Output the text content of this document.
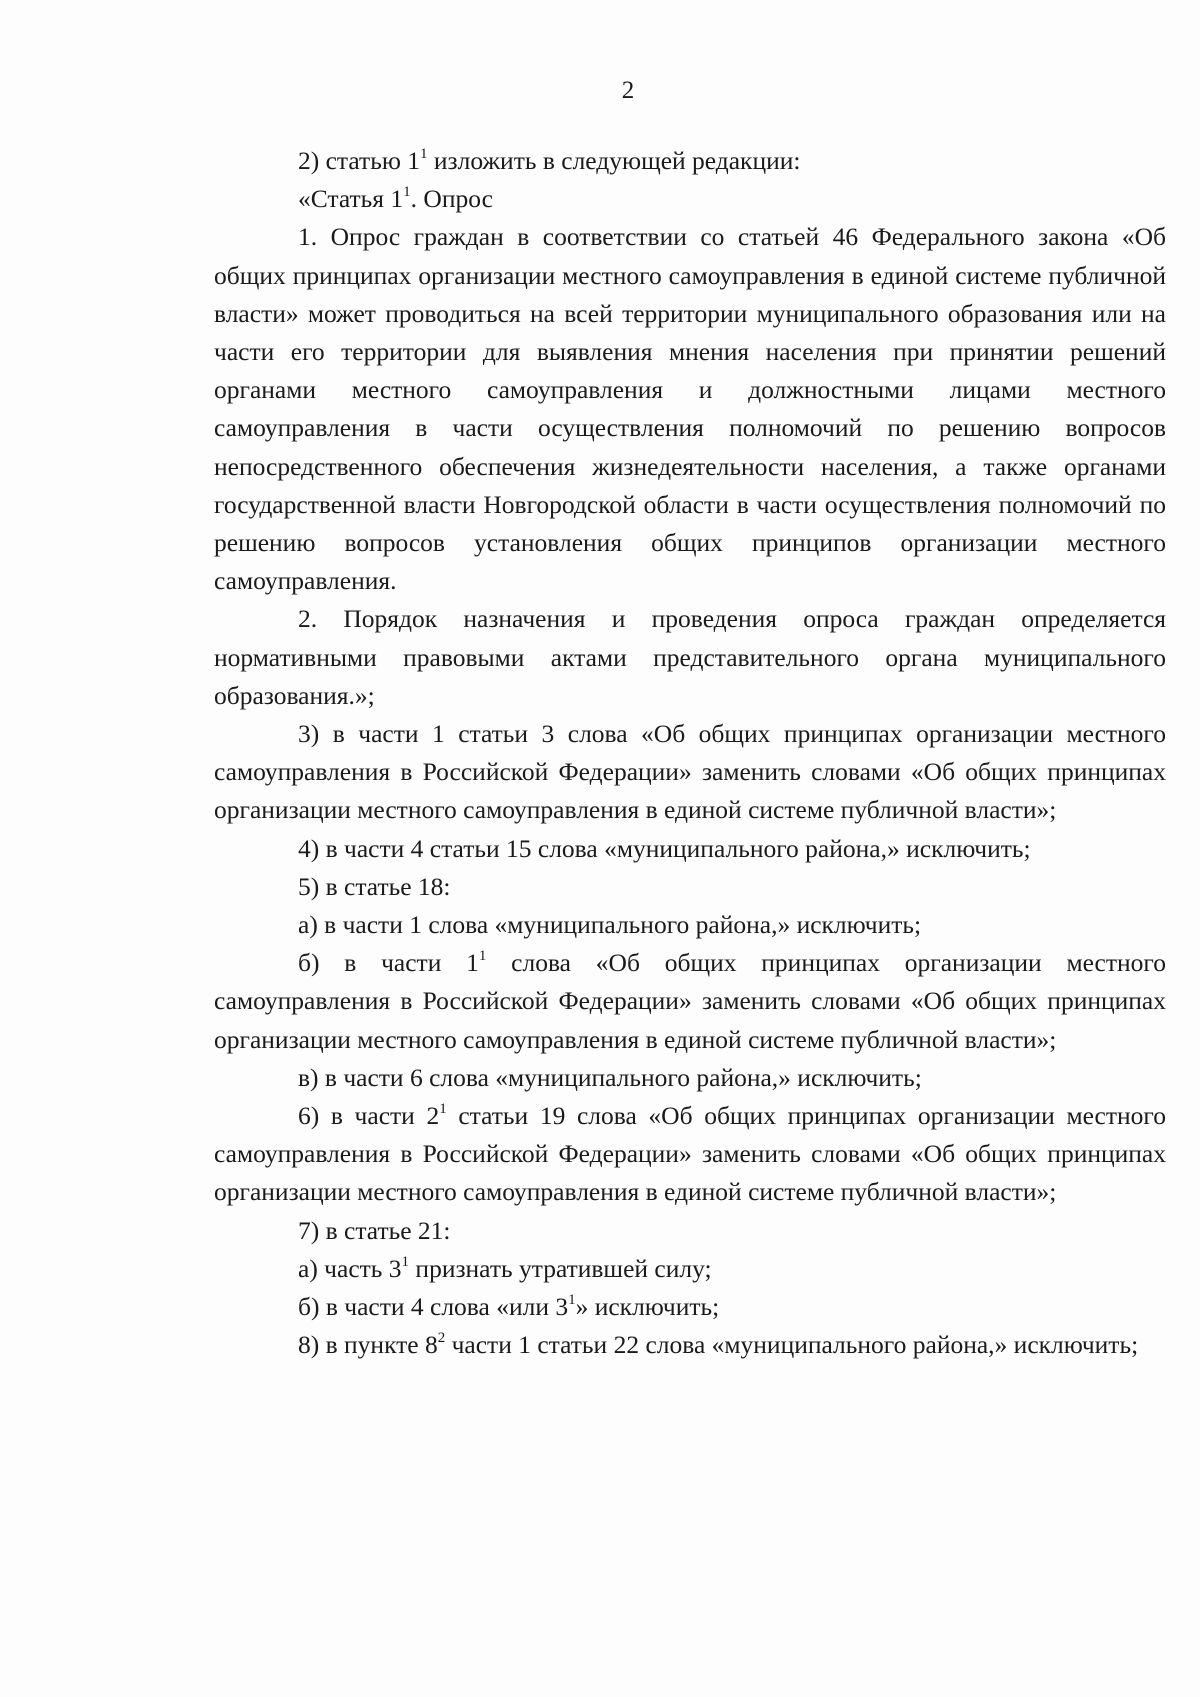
2

2) статью $1^1$ изложить в следующей редакции:

«Статья $1^1$. Опрос

1. Опрос граждан в соответствии со статьей 46 Федерального закона «Об общих принципах организации местного самоуправления в единой системе публичной власти» может проводиться на всей территории муниципального образования или на части его территории для выявления мнения населения при принятии решений органами местного самоуправления и должностными лицами местного самоуправления в части осуществления полномочий по решению вопросов непосредственного обеспечения жизнедеятельности населения, а также органами государственной власти Новгородской области в части осуществления полномочий по решению вопросов установления общих принципов организации местного самоуправления.

2. Порядок назначения и проведения опроса граждан определяется нормативными правовыми актами представительного органа муниципального образования.»;

3) в части 1 статьи 3 слова «Об общих принципах организации местного самоуправления в Российской Федерации» заменить словами «Об общих принципах организации местного самоуправления в единой системе публичной власти»;

4) в части 4 статьи 15 слова «муниципального района,» исключить;

5) в статье 18:

а) в части 1 слова «муниципального района,» исключить;

б) в части $1^1$ слова «Об общих принципах организации местного самоуправления в Российской Федерации» заменить словами «Об общих принципах организации местного самоуправления в единой системе публичной власти»;

в) в части 6 слова «муниципального района,» исключить;

6) в части $2^1$ статьи 19 слова «Об общих принципах организации местного самоуправления в Российской Федерации» заменить словами «Об общих принципах организации местного самоуправления в единой системе публичной власти»;

7) в статье 21:

а) часть $3^1$ признать утратившей силу;

б) в части 4 слова «или $3^1$» исключить;

8) в пункте $8^2$ части 1 статьи 22 слова «муниципального района,» исключить;
